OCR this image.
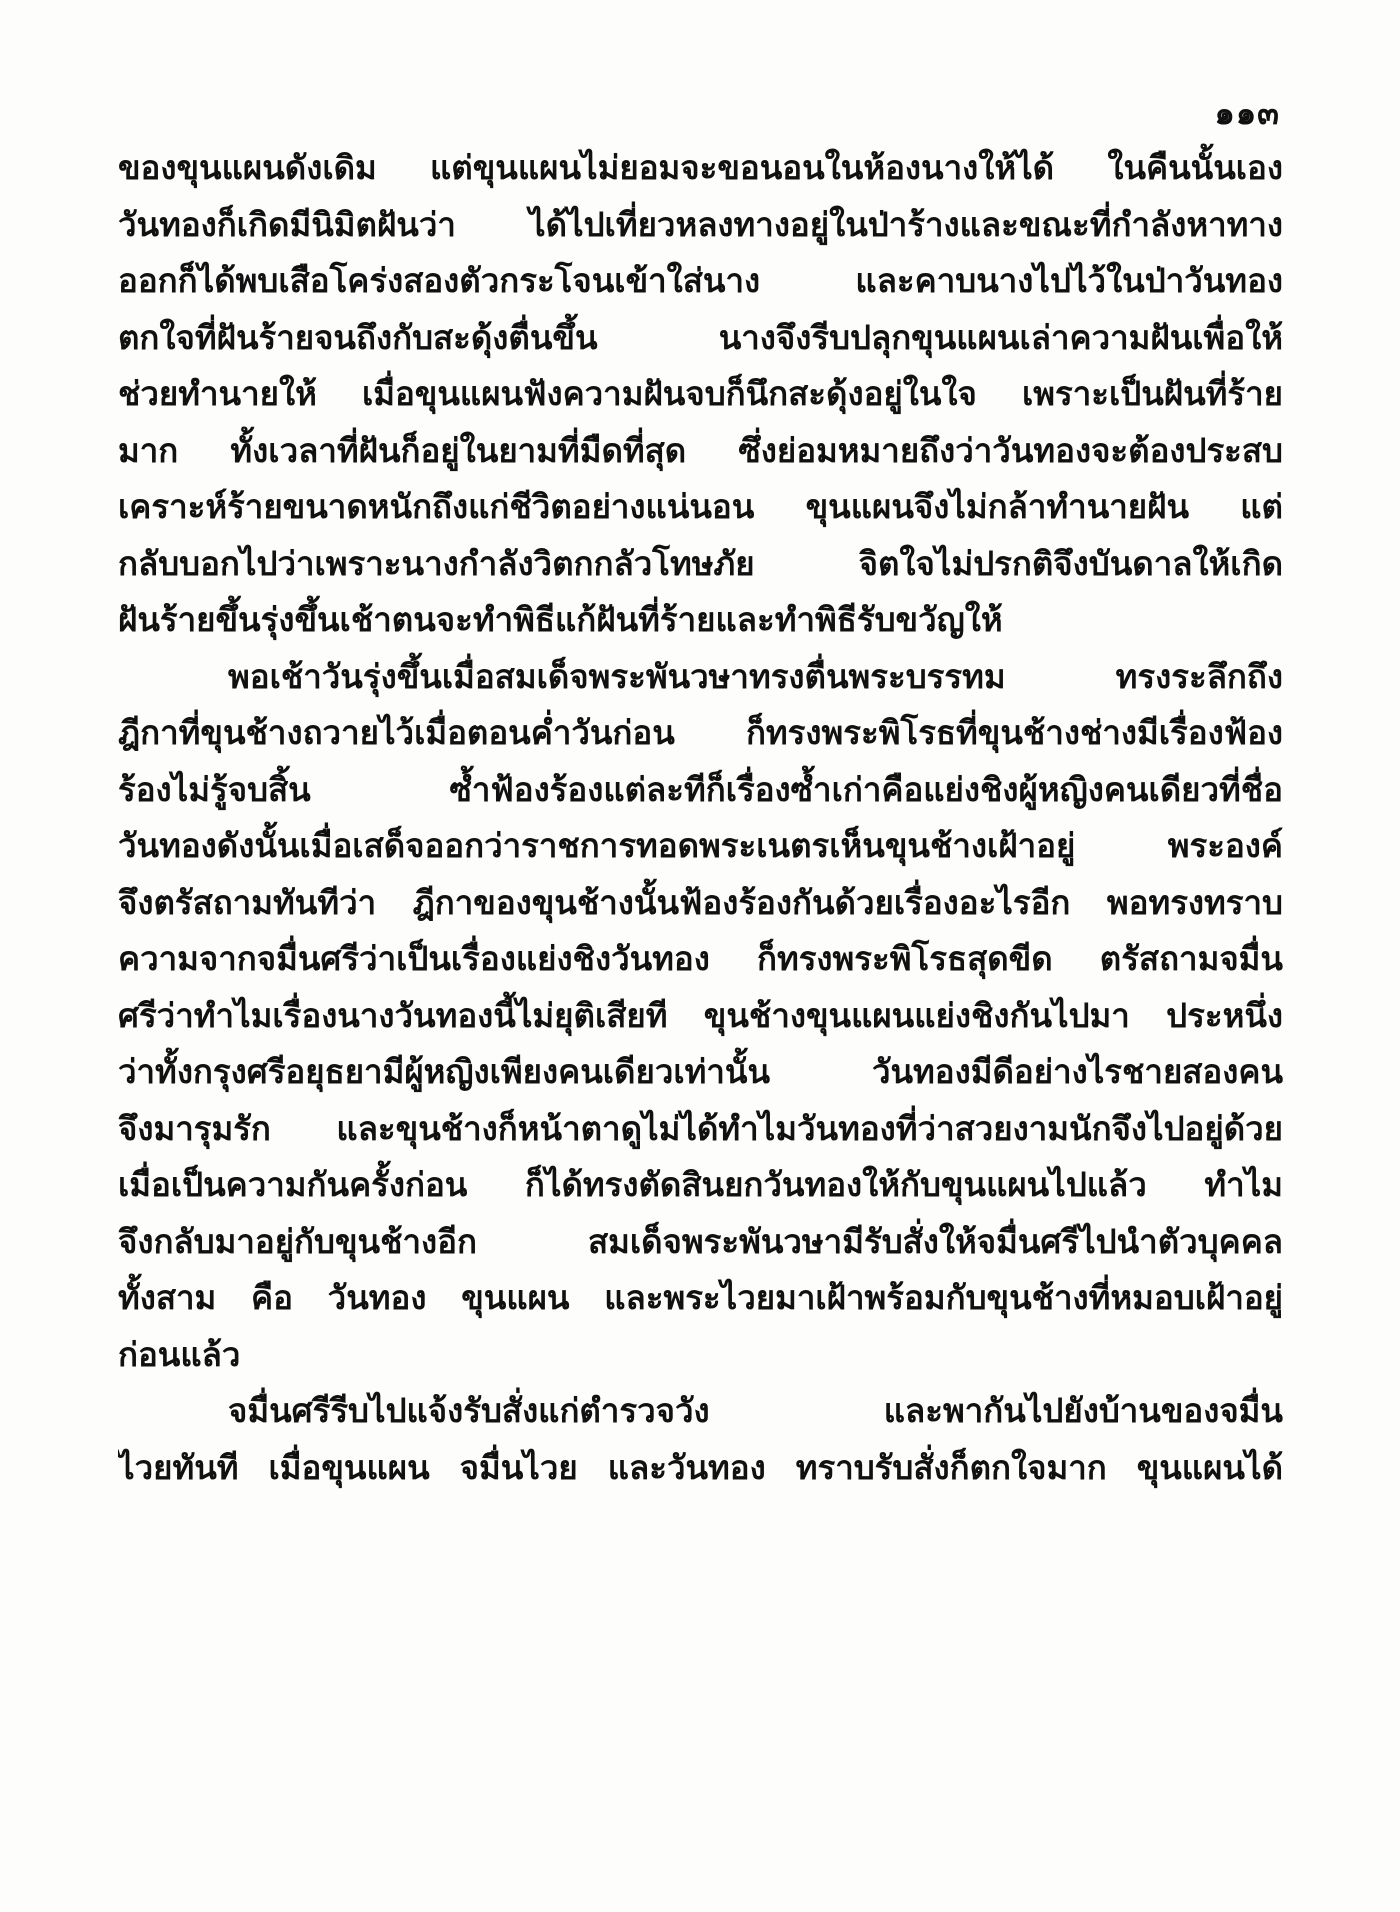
๑๑๓
ของขุนแผนดังเดิม แต่ขุนแผนไม่ยอมจะขอนอนในห้องนางให้ได้ ในคืนนั้นเอง
วันทองก็เกิดมีนิมิตฝันว่า ได้ไปเที่ยวหลงทางอยู่ในป่าร้างและขณะที่กำลังหาทาง
ออกก็ได้พบเสือโคร่งสองตัวกระโจนเข้าใส่นาง และคาบนางไปไว้ในป่าวันทอง
ตกใจที่ฝันร้ายจนถึงกับสะดุ้งตื่นขึ้น นางจึงรีบปลุกขุนแผนเล่าความฝันเพื่อให้
ช่วยทำนายให้ เมื่อขุนแผนฟังความฝันจบก็นึกสะดุ้งอยู่ในใจ เพราะเป็นฝันที่ร้าย
มาก ทั้งเวลาที่ฝันก็อยู่ในยามที่มืดที่สุด ซึ่งย่อมหมายถึงว่าวันทองจะต้องประสบ
เคราะห์ร้ายขนาดหนักถึงแก่ชีวิตอย่างแน่นอน ขุนแผนจึงไม่กล้าทำนายฝัน แต่
กลับบอกไปว่าเพราะนางกำลังวิตกกลัวโทษภัย จิตใจไม่ปรกติจึงบันดาลให้เกิด
ฝันร้ายขึ้นรุ่งขึ้นเช้าตนจะทำพิธีแก้ฝันที่ร้ายและทำพิธีรับขวัญให้
พอเช้าวันรุ่งขึ้นเมื่อสมเด็จพระพันวษาทรงตื่นพระบรรทม ทรงระลึกถึง
ฎีกาที่ขุนช้างถวายไว้เมื่อตอนค่ำวันก่อน ก็ทรงพระพิโรธที่ขุนช้างช่างมีเรื่องฟ้อง
ร้องไม่รู้จบสิ้น ซ้ำฟ้องร้องแต่ละทีก็เรื่องซ้ำเก่าคือแย่งชิงผู้หญิงคนเดียวที่ชื่อ
วันทองดังนั้นเมื่อเสด็จออกว่าราชการทอดพระเนตรเห็นขุนช้างเฝ้าอยู่ พระองค์
จึงตรัสถามทันทีว่า ฎีกาของขุนช้างนั้นฟ้องร้องกันด้วยเรื่องอะไรอีก พอทรงทราบ
ความจากจมื่นศรีว่าเป็นเรื่องแย่งชิงวันทอง ก็ทรงพระพิโรธสุดขีด ตรัสถามจมื่น
ศรีว่าทำไมเรื่องนางวันทองนี้ไม่ยุติเสียที ขุนช้างขุนแผนแย่งชิงกันไปมา ประหนึ่ง
ว่าทั้งกรุงศรีอยุธยามีผู้หญิงเพียงคนเดียวเท่านั้น วันทองมีดีอย่างไรชายสองคน
จึงมารุมรัก และขุนช้างก็หน้าตาดูไม่ได้ทำไมวันทองที่ว่าสวยงามนักจึงไปอยู่ด้วย
เมื่อเป็นความกันครั้งก่อน ก็ได้ทรงตัดสินยกวันทองให้กับขุนแผนไปแล้ว ทำไม
จึงกลับมาอยู่กับขุนช้างอีก สมเด็จพระพันวษามีรับสั่งให้จมื่นศรีไปนำตัวบุคคล
ทั้งสาม คือ วันทอง ขุนแผน และพระไวยมาเฝ้าพร้อมกับขุนช้างที่หมอบเฝ้าอยู่
ก่อนแล้ว
จมื่นศรีรีบไปแจ้งรับสั่งแก่ตำรวจวัง และพากันไปยังบ้านของจมื่น
ไวยทันที เมื่อขุนแผน จมื่นไวย และวันทอง ทราบรับสั่งก็ตกใจมาก ขุนแผนได้
